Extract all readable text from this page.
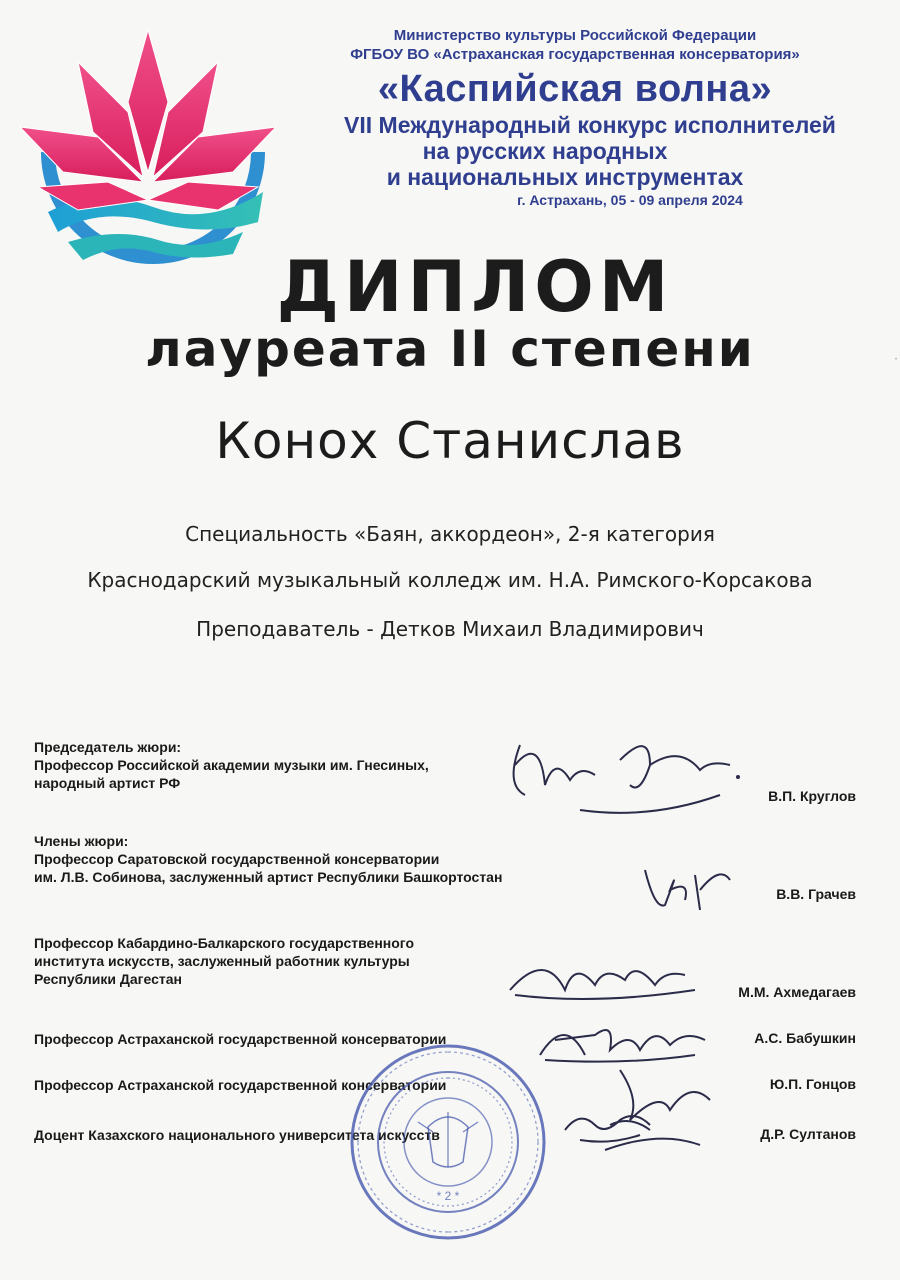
Министерство культуры Российской Федерации
ФГБОУ ВО «Астраханская государственная консерватория»
«Каспийская волна»
VII Международный конкурс исполнителей
на русских народных
и национальных инструментах
г. Астрахань, 05 - 09 апреля 2024
·
ДИПЛОМ
лауреата II степени
Конох Станислав
Специальность «Баян, аккордеон», 2-я категория
Краснодарский музыкальный колледж им. Н.А. Римского-Корсакова
Преподаватель - Детков Михаил Владимирович
Председатель жюри:
Профессор Российской академии музыки им. Гнесиных,
народный артист РФ
В.П. Круглов
Члены жюри:
Профессор Саратовской государственной консерватории
им. Л.В. Собинова, заслуженный артист Республики Башкортостан
В.В. Грачев
Профессор Кабардино-Балкарского государственного
института искусств, заслуженный работник культуры
Республики Дагестан
М.М. Ахмедагаев
Профессор Астраханской государственной консерватории	А.С. Бабушкин
Профессор Астраханской государственной консерватории	Ю.П. Гонцов
Доцент Казахского национального университета искусств	Д.Р. Султанов
* 2 *
